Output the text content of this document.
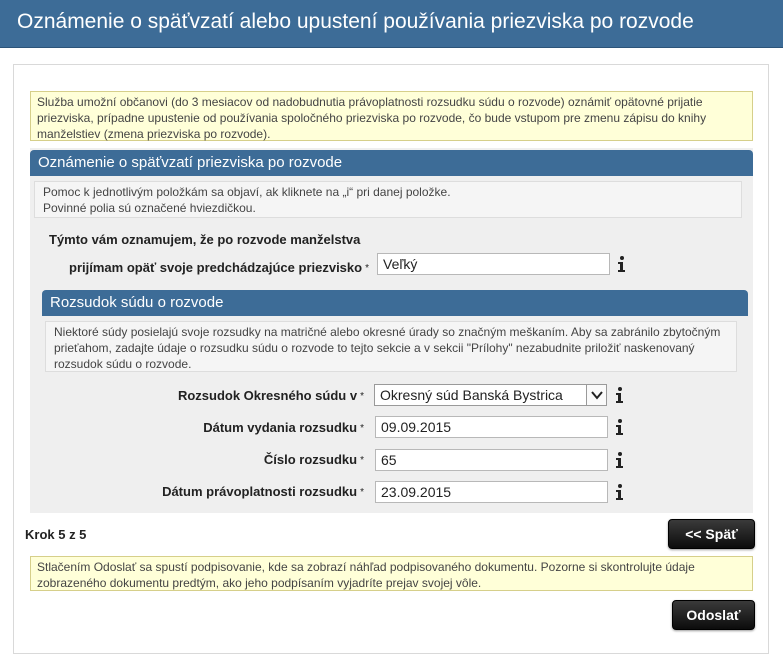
Oznámenie o späťvzatí alebo upustení používania priezviska po rozvode
Služba umožní občanovi (do 3 mesiacov od nadobudnutia právoplatnosti rozsudku súdu o rozvode) oznámiť opätovné prijatie priezviska, prípadne upustenie od používania spoločného priezviska po rozvode, čo bude vstupom pre zmenu zápisu do knihy manželstiev (zmena priezviska po rozvode).
Oznámenie o späťvzatí priezviska po rozvode
Pomoc k jednotlivým položkám sa objaví, ak kliknete na „i“ pri danej položke.
Povinné polia sú označené hviezdičkou.
Týmto vám oznamujem, že po rozvode manželstva
prijímam opäť svoje predchádzajúce priezvisko *	Veľký
Rozsudok súdu o rozvode
Niektoré súdy posielajú svoje rozsudky na matričné alebo okresné úrady so značným meškaním. Aby sa zabránilo zbytočným prieťahom, zadajte údaje o rozsudku súdu o rozvode to tejto sekcie a v sekcii "Prílohy" nezabudnite priložiť naskenovaný rozsudok súdu o rozvode.
Rozsudok Okresného súdu v *	Okresný súd Banská Bystrica
Dátum vydania rozsudku *	09.09.2015
Číslo rozsudku *	65
Dátum právoplatnosti rozsudku *	23.09.2015
Krok 5 z 5	<< Späť
Stlačením Odoslať sa spustí podpisovanie, kde sa zobrazí náhľad podpisovaného dokumentu. Pozorne si skontrolujte údaje zobrazeného dokumentu predtým, ako jeho podpísaním vyjadríte prejav svojej vôle.
Odoslať
